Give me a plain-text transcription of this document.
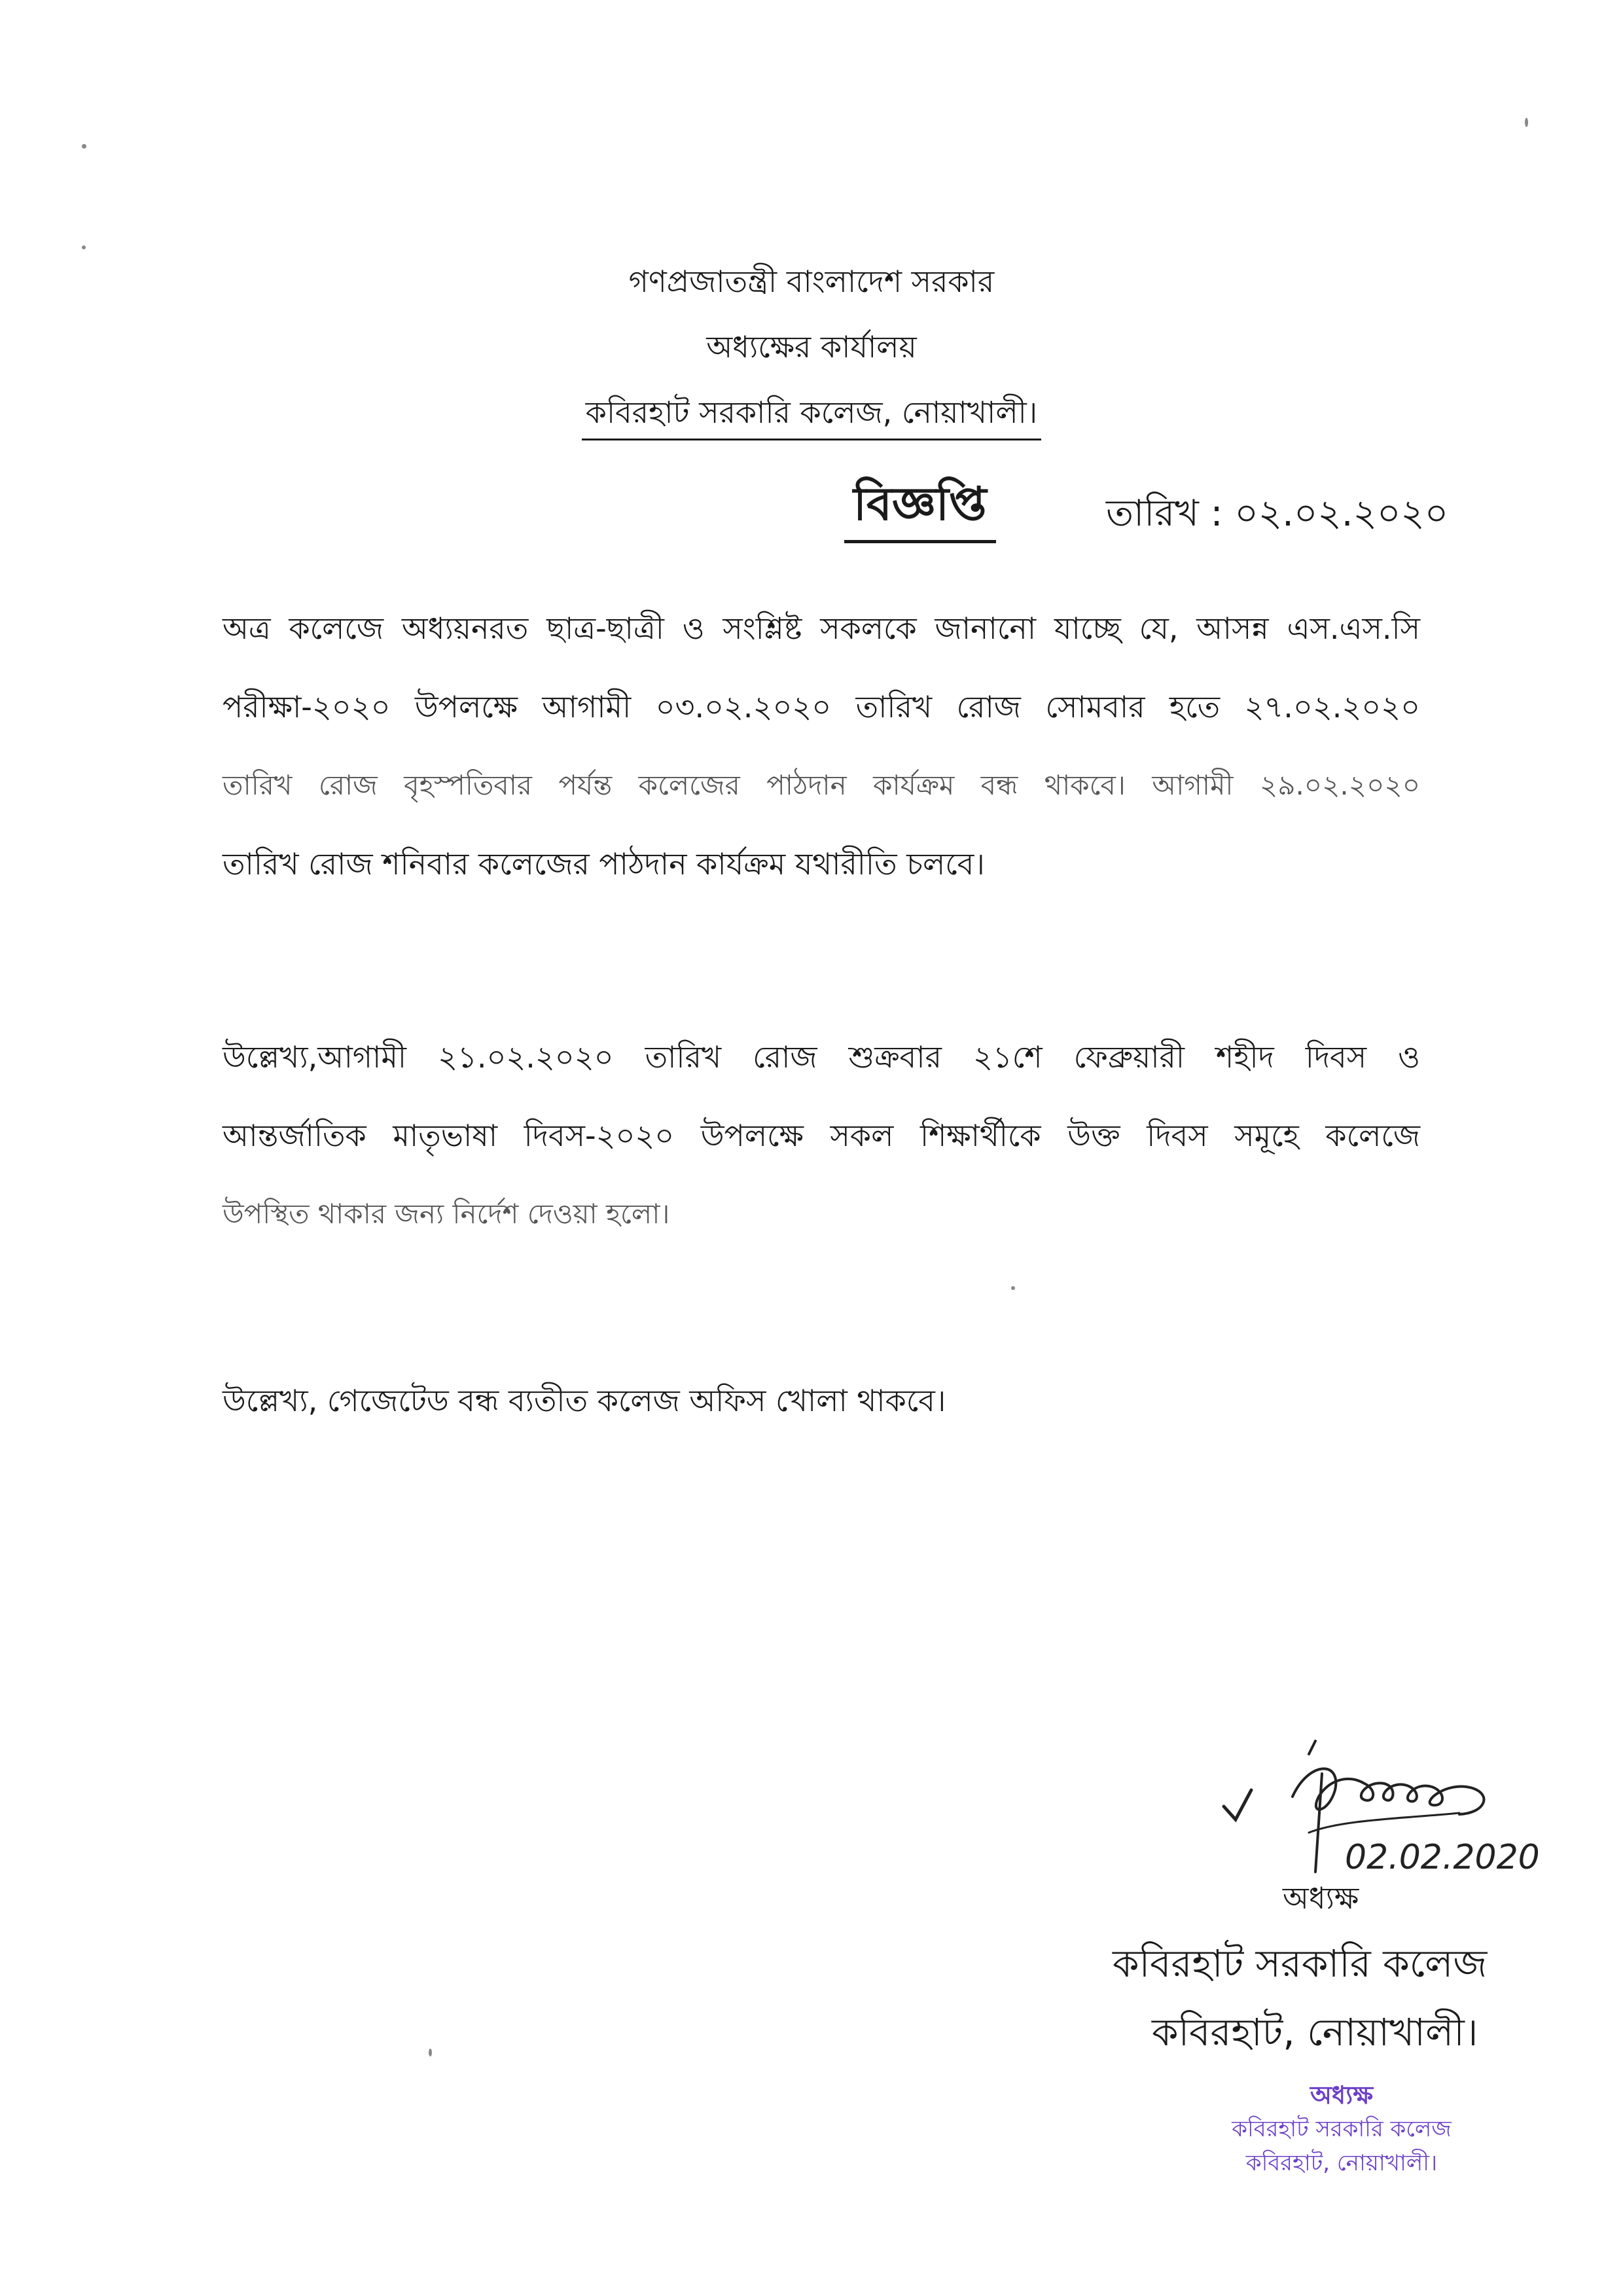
গণপ্রজাতন্ত্রী বাংলাদেশ সরকার
অধ্যক্ষের কার্যালয়
কবিরহাট সরকারি কলেজ, নোয়াখালী।
বিজ্ঞপ্তি	তারিখ : ০২.০২.২০২০
অত্র কলেজে অধ্যয়নরত ছাত্র-ছাত্রী ও সংশ্লিষ্ট সকলকে জানানো যাচ্ছে যে, আসন্ন এস.এস.সি
পরীক্ষা-২০২০ উপলক্ষে আগামী ০৩.০২.২০২০ তারিখ রোজ সোমবার হতে ২৭.০২.২০২০
তারিখ রোজ বৃহস্পতিবার পর্যন্ত কলেজের পাঠদান কার্যক্রম বন্ধ থাকবে। আগামী ২৯.০২.২০২০
তারিখ রোজ শনিবার কলেজের পাঠদান কার্যক্রম যথারীতি চলবে।
উল্লেখ্য,আগামী ২১.০২.২০২০ তারিখ রোজ শুক্রবার ২১শে ফেব্রুয়ারী শহীদ দিবস ও
আন্তর্জাতিক মাতৃভাষা দিবস-২০২০ উপলক্ষে সকল শিক্ষার্থীকে উক্ত দিবস সমূহে কলেজে
উপস্থিত থাকার জন্য নির্দেশ দেওয়া হলো।
উল্লেখ্য, গেজেটেড বন্ধ ব্যতীত কলেজ অফিস খোলা থাকবে।
02.02.2020
অধ্যক্ষ
কবিরহাট সরকারি কলেজ
কবিরহাট, নোয়াখালী।
অধ্যক্ষ
কবিরহাট সরকারি কলেজ
কবিরহাট, নোয়াখালী।
